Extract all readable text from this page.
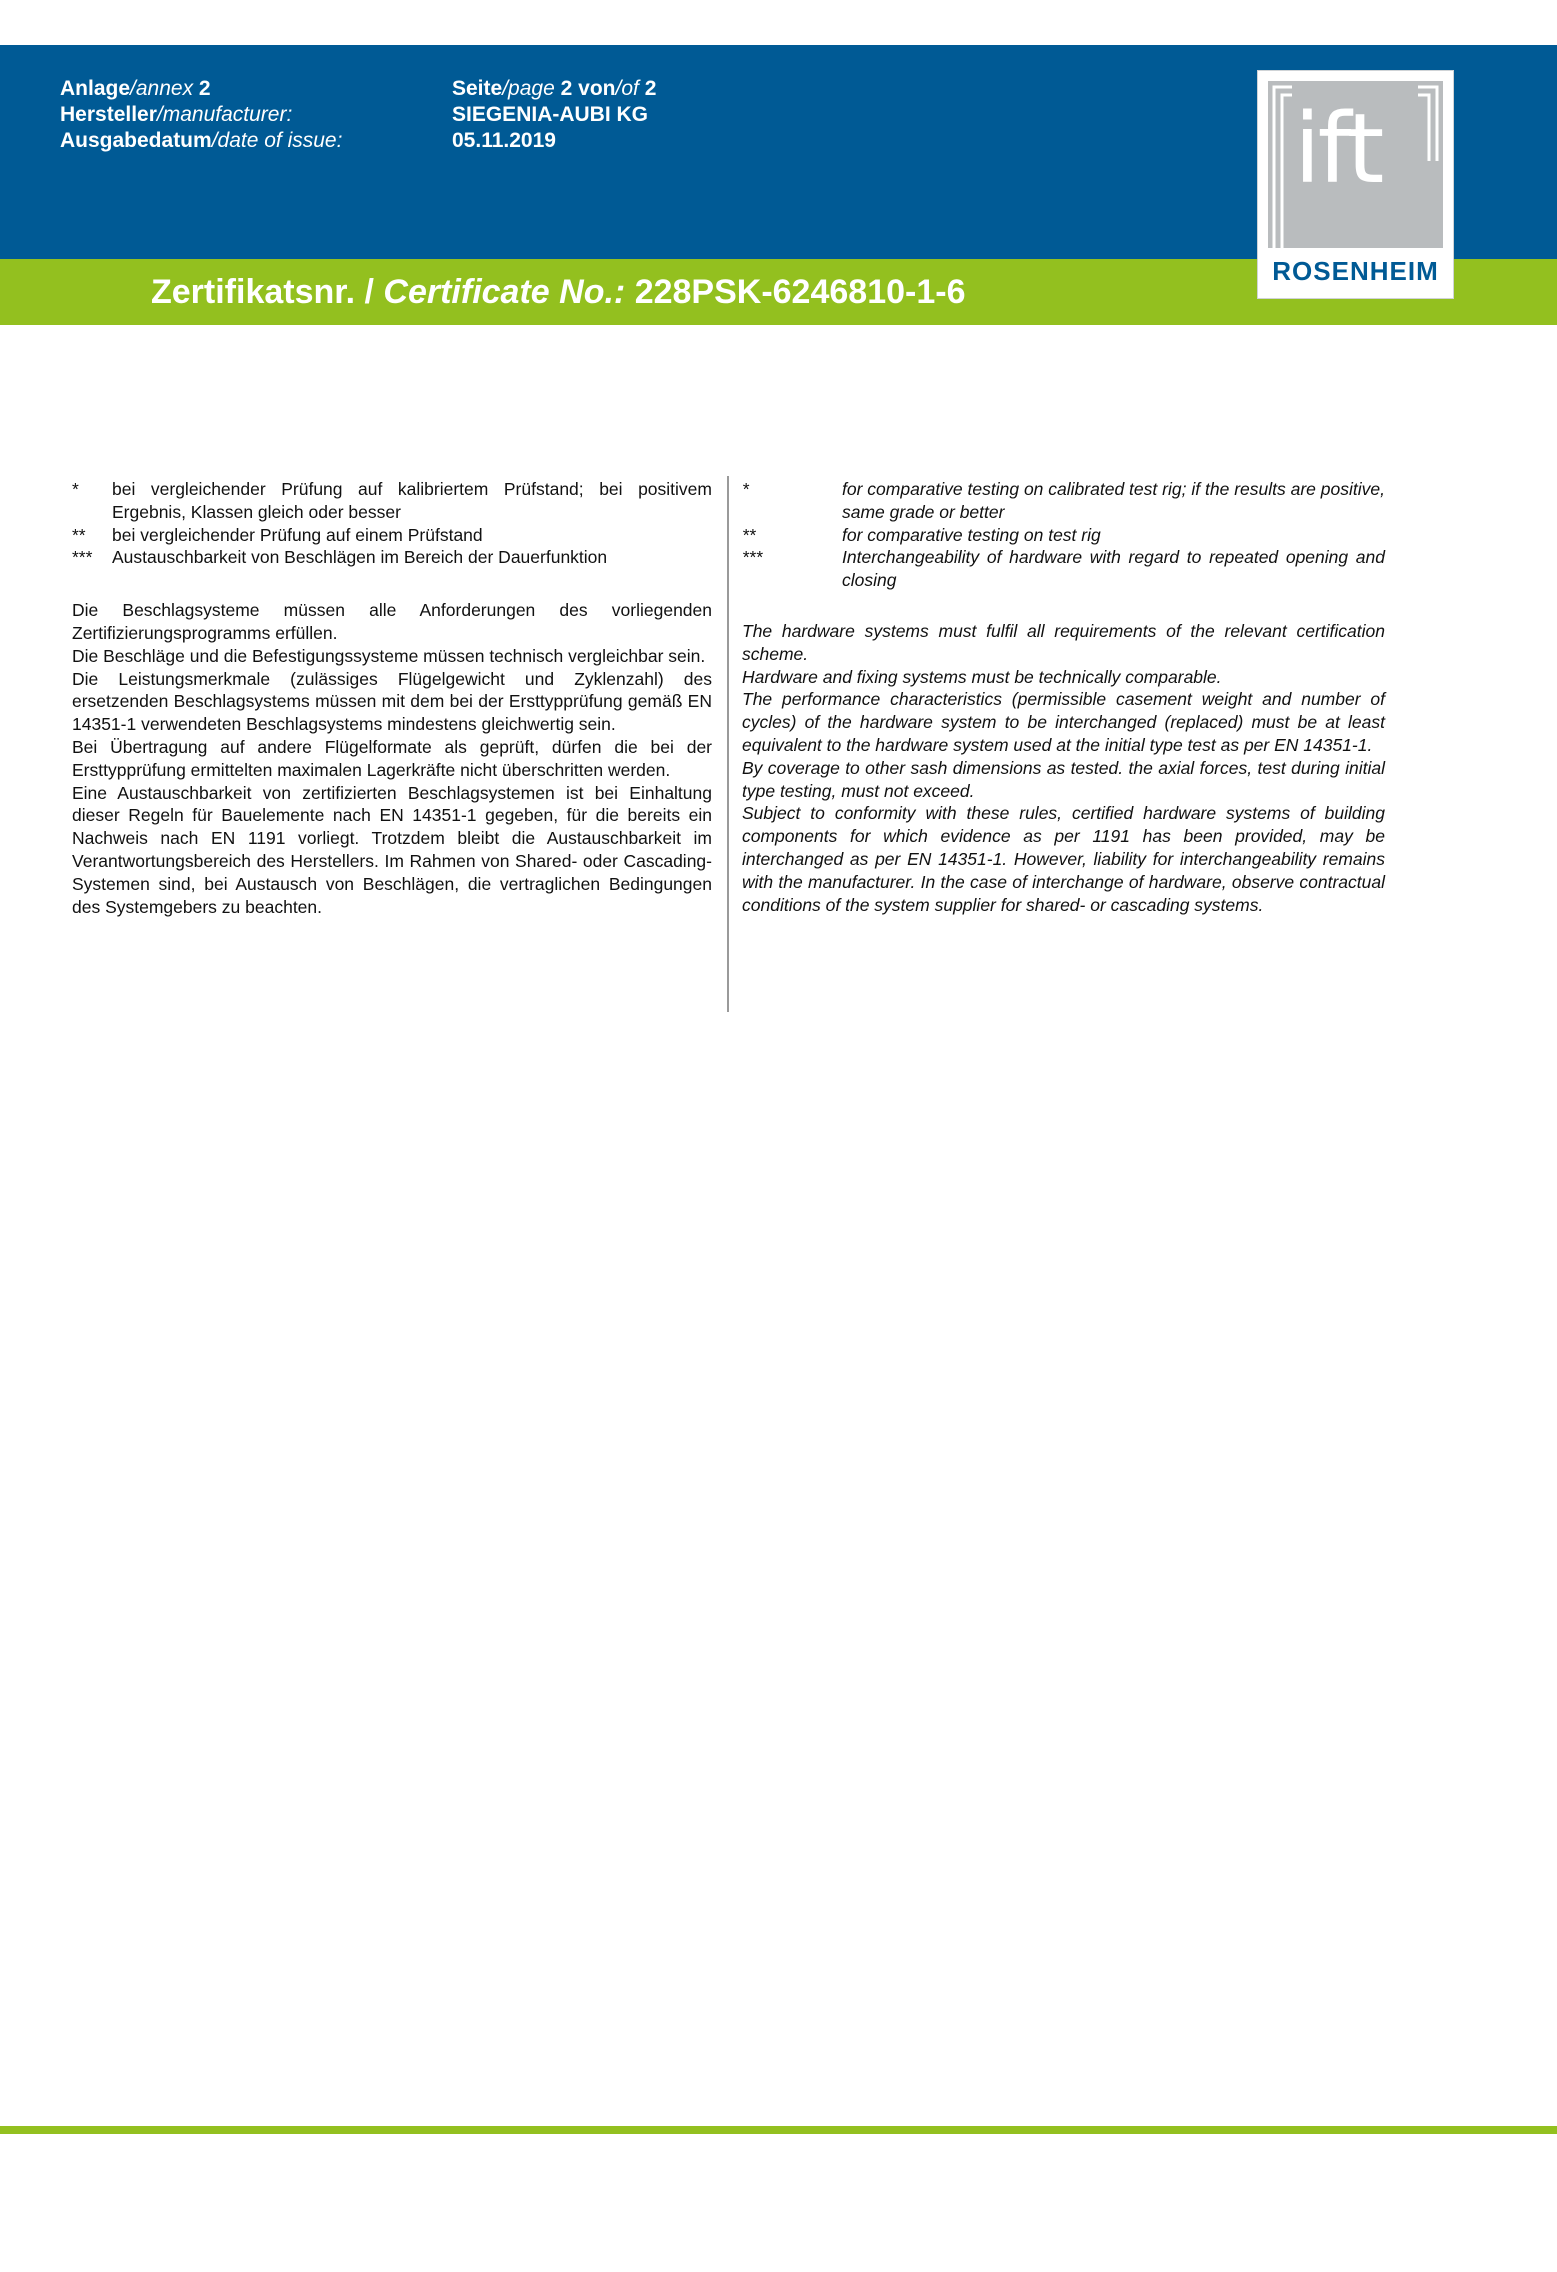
Anlage/annex 2
Hersteller/manufacturer:
Ausgabedatum/date of issue:
Seite/page 2 von/of 2
SIEGENIA-AUBI KG
05.11.2019
Zertifikatsnr. / Certificate No.: 228PSK-6246810-1-6
ift
ROSENHEIM
*	bei vergleichender Prüfung auf kalibriertem Prüfstand; bei positivem Ergebnis, Klassen gleich oder besser
**	bei vergleichender Prüfung auf einem Prüfstand
***	Austauschbarkeit von Beschlägen im Bereich der Dauerfunktion

Die Beschlagsysteme müssen alle Anforderungen des vorliegenden Zertifizierungsprogramms erfüllen.

Die Beschläge und die Befestigungssysteme müssen technisch vergleichbar sein.

Die Leistungsmerkmale (zulässiges Flügelgewicht und Zyklenzahl) des ersetzenden Beschlagsystems müssen mit dem bei der Ersttypprüfung gemäß EN 14351-1 verwendeten Beschlagsystems mindestens gleichwertig sein.

Bei Übertragung auf andere Flügelformate als geprüft, dürfen die bei der Ersttypprüfung ermittelten maximalen Lagerkräfte nicht überschritten werden.

Eine Austauschbarkeit von zertifizierten Beschlagsystemen ist bei Einhaltung dieser Regeln für Bauelemente nach EN 14351-1 gegeben, für die bereits ein Nachweis nach EN 1191 vorliegt. Trotzdem bleibt die Austauschbarkeit im Verantwortungsbereich des Herstellers. Im Rahmen von Shared- oder Cascading-Systemen sind, bei Austausch von Beschlägen, die vertraglichen Bedingungen des Systemgebers zu beachten.

*	for comparative testing on calibrated test rig; if the results are positive, same grade or better
**	for comparative testing on test rig
***	Interchangeability of hardware with regard to repeated opening and closing

The hardware systems must fulfil all requirements of the relevant certification scheme.

Hardware and fixing systems must be technically comparable.

The performance characteristics (permissible casement weight and number of cycles) of the hardware system to be interchanged (replaced) must be at least equivalent to the hardware system used at the initial type test as per EN 14351-1.

By coverage to other sash dimensions as tested. the axial forces, test during initial type testing, must not exceed.

Subject to conformity with these rules, certified hardware systems of building components for which evidence as per 1191 has been provided, may be interchanged as per EN 14351-1. However, liability for interchangeability remains with the manufacturer. In the case of interchange of hardware, observe contractual conditions of the system supplier for shared- or cascading systems.
